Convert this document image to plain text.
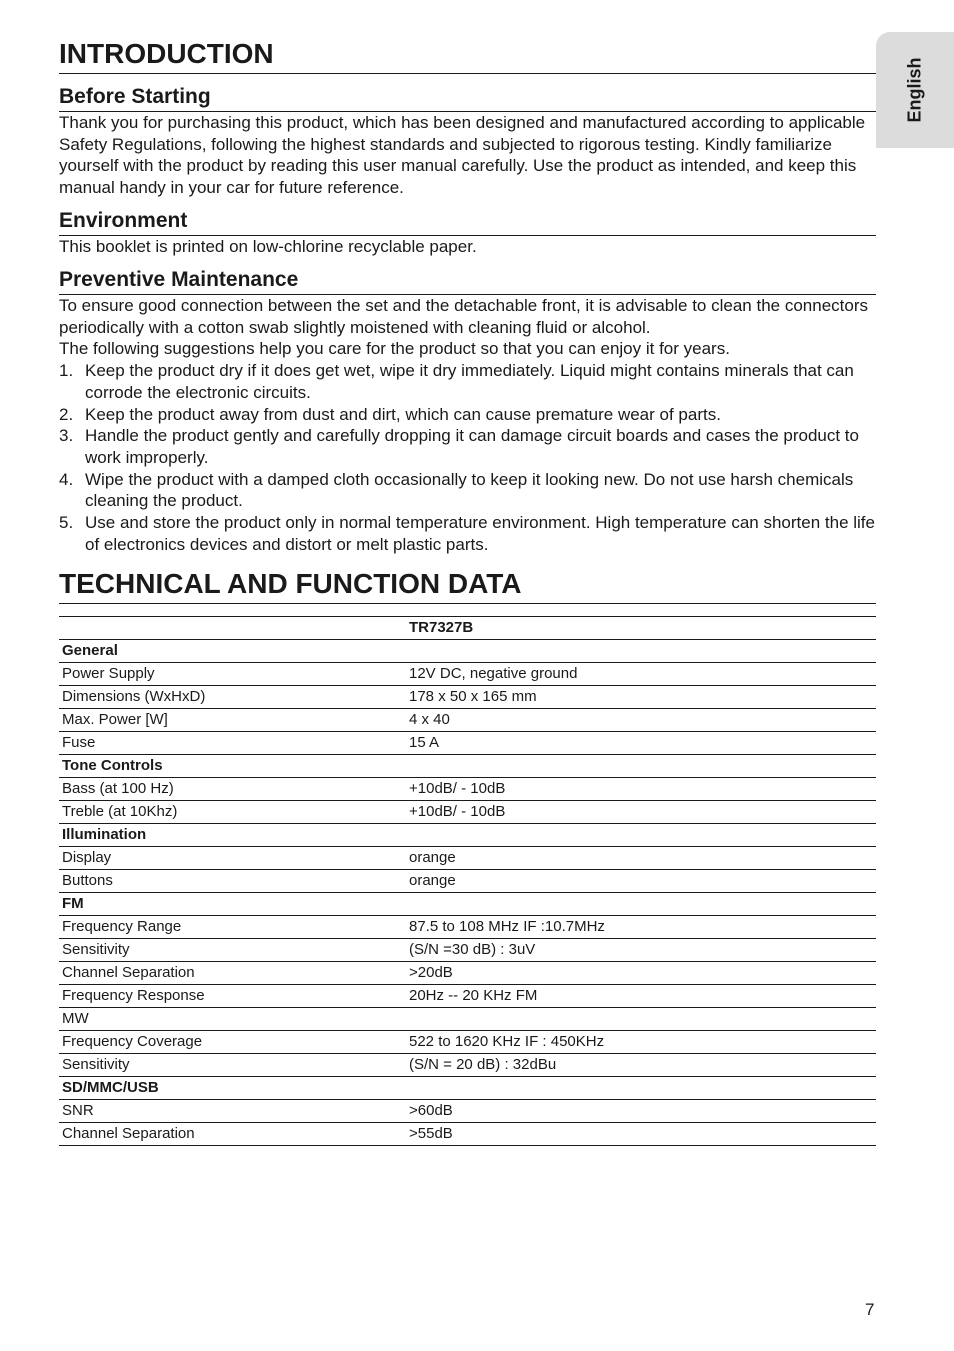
English
INTRODUCTION
Before Starting

Thank you for purchasing this product, which has been designed and manufactured according to applicable Safety Regulations, following the highest standards and subjected to rigorous testing. Kindly familiarize yourself with the product by reading this user manual carefully. Use the product as intended, and keep this manual handy in your car for future reference.

Environment

This booklet is printed on low-chlorine recyclable paper.

Preventive Maintenance

To ensure good connection between the set and the detachable front, it is advisable to clean the connectors periodically with a cotton swab slightly moistened with cleaning fluid or alcohol.

The following suggestions help you care for the product so that you can enjoy it for years.

1. Keep the product dry if it does get wet, wipe it dry immediately. Liquid might contains minerals that can corrode the electronic circuits.
2. Keep the product away from dust and dirt, which can cause premature wear of parts.
3. Handle the product gently and carefully dropping it can damage circuit boards and cases the product to work improperly.
4. Wipe the product with a damped cloth occasionally to keep it looking new. Do not use harsh chemicals cleaning the product.
5. Use and store the product only in normal temperature environment. High temperature can shorten the life of electronics devices and distort or melt plastic parts.
TECHNICAL AND FUNCTION DATA
	TR7327B
General	
Power Supply	12V DC, negative ground
Dimensions (WxHxD)	178 x 50 x 165 mm
Max. Power [W]	4 x 40
Fuse	15 A
Tone Controls	
Bass (at 100 Hz)	+10dB/ - 10dB
Treble (at 10Khz)	+10dB/ - 10dB
Illumination	
Display	orange
Buttons	orange
FM	
Frequency Range	87.5 to 108 MHz IF :10.7MHz
Sensitivity	(S/N =30 dB) : 3uV
Channel Separation	>20dB
Frequency Response	20Hz -- 20 KHz FM
MW	
Frequency Coverage	522 to 1620 KHz IF : 450KHz
Sensitivity	(S/N = 20 dB) : 32dBu
SD/MMC/USB	
SNR	>60dB
Channel Separation	>55dB
7
